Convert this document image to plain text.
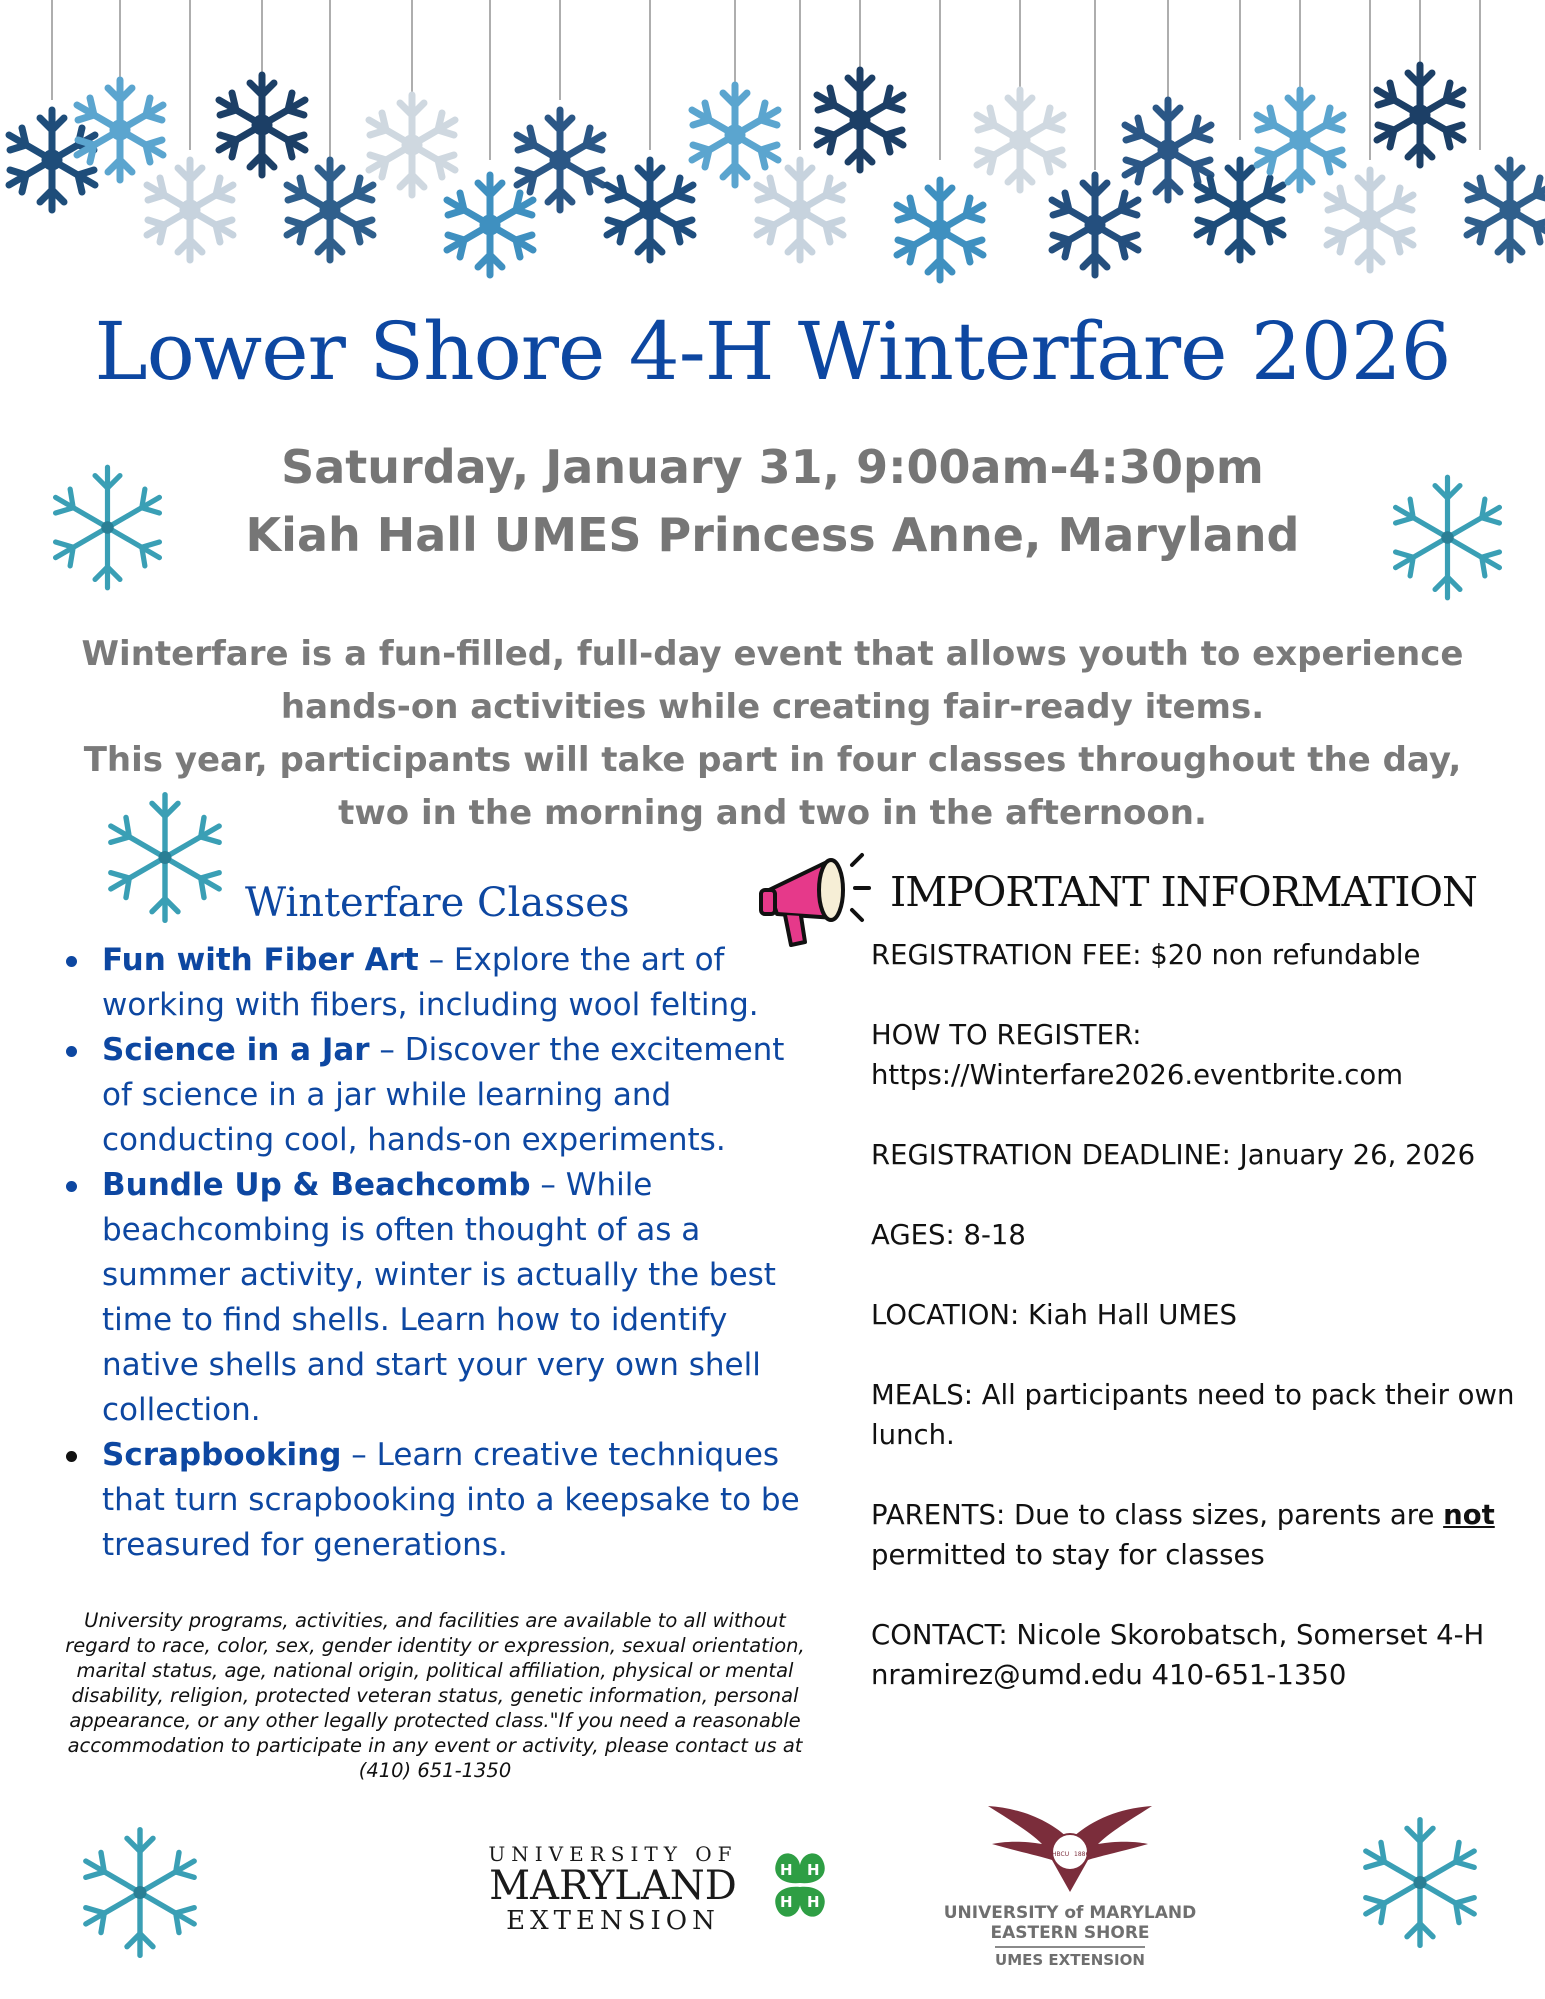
Lower Shore 4-H Winterfare 2026
Saturday, January 31, 9:00am-4:30pm
Kiah Hall UMES Princess Anne, Maryland
Winterfare is a fun-filled, full-day event that allows youth to experience hands-on activities while creating fair-ready items.
This year, participants will take part in four classes throughout the day, two in the morning and two in the afternoon.
Winterfare Classes
Fun with Fiber Art – Explore the art of working with fibers, including wool felting.
Science in a Jar – Discover the excitement of science in a jar while learning and conducting cool, hands-on experiments.
Bundle Up & Beachcomb – While beachcombing is often thought of as a summer activity, winter is actually the best time to find shells. Learn how to identify native shells and start your very own shell collection.
Scrapbooking – Learn creative techniques that turn scrapbooking into a keepsake to be treasured for generations.
University programs, activities, and facilities are available to all without regard to race, color, sex, gender identity or expression, sexual orientation, marital status, age, national origin, political affiliation, physical or mental disability, religion, protected veteran status, genetic information, personal appearance, or any other legally protected class."If you need a reasonable accommodation to participate in any event or activity, please contact us at (410) 651-1350
IMPORTANT INFORMATION
REGISTRATION FEE: $20 non refundable
HOW TO REGISTER:
https://Winterfare2026.eventbrite.com
REGISTRATION DEADLINE: January 26, 2026
AGES: 8-18
LOCATION: Kiah Hall UMES
MEALS: All participants need to pack their own lunch.
PARENTS: Due to class sizes, parents are not permitted to stay for classes
CONTACT: Nicole Skorobatsch, Somerset 4-H
nramirez@umd.edu 410-651-1350
UNIVERSITY OF
MARYLAND
EXTENSION
H H
H H
HBCU 1886
UNIVERSITY of MARYLAND
EASTERN SHORE
UMES EXTENSION
